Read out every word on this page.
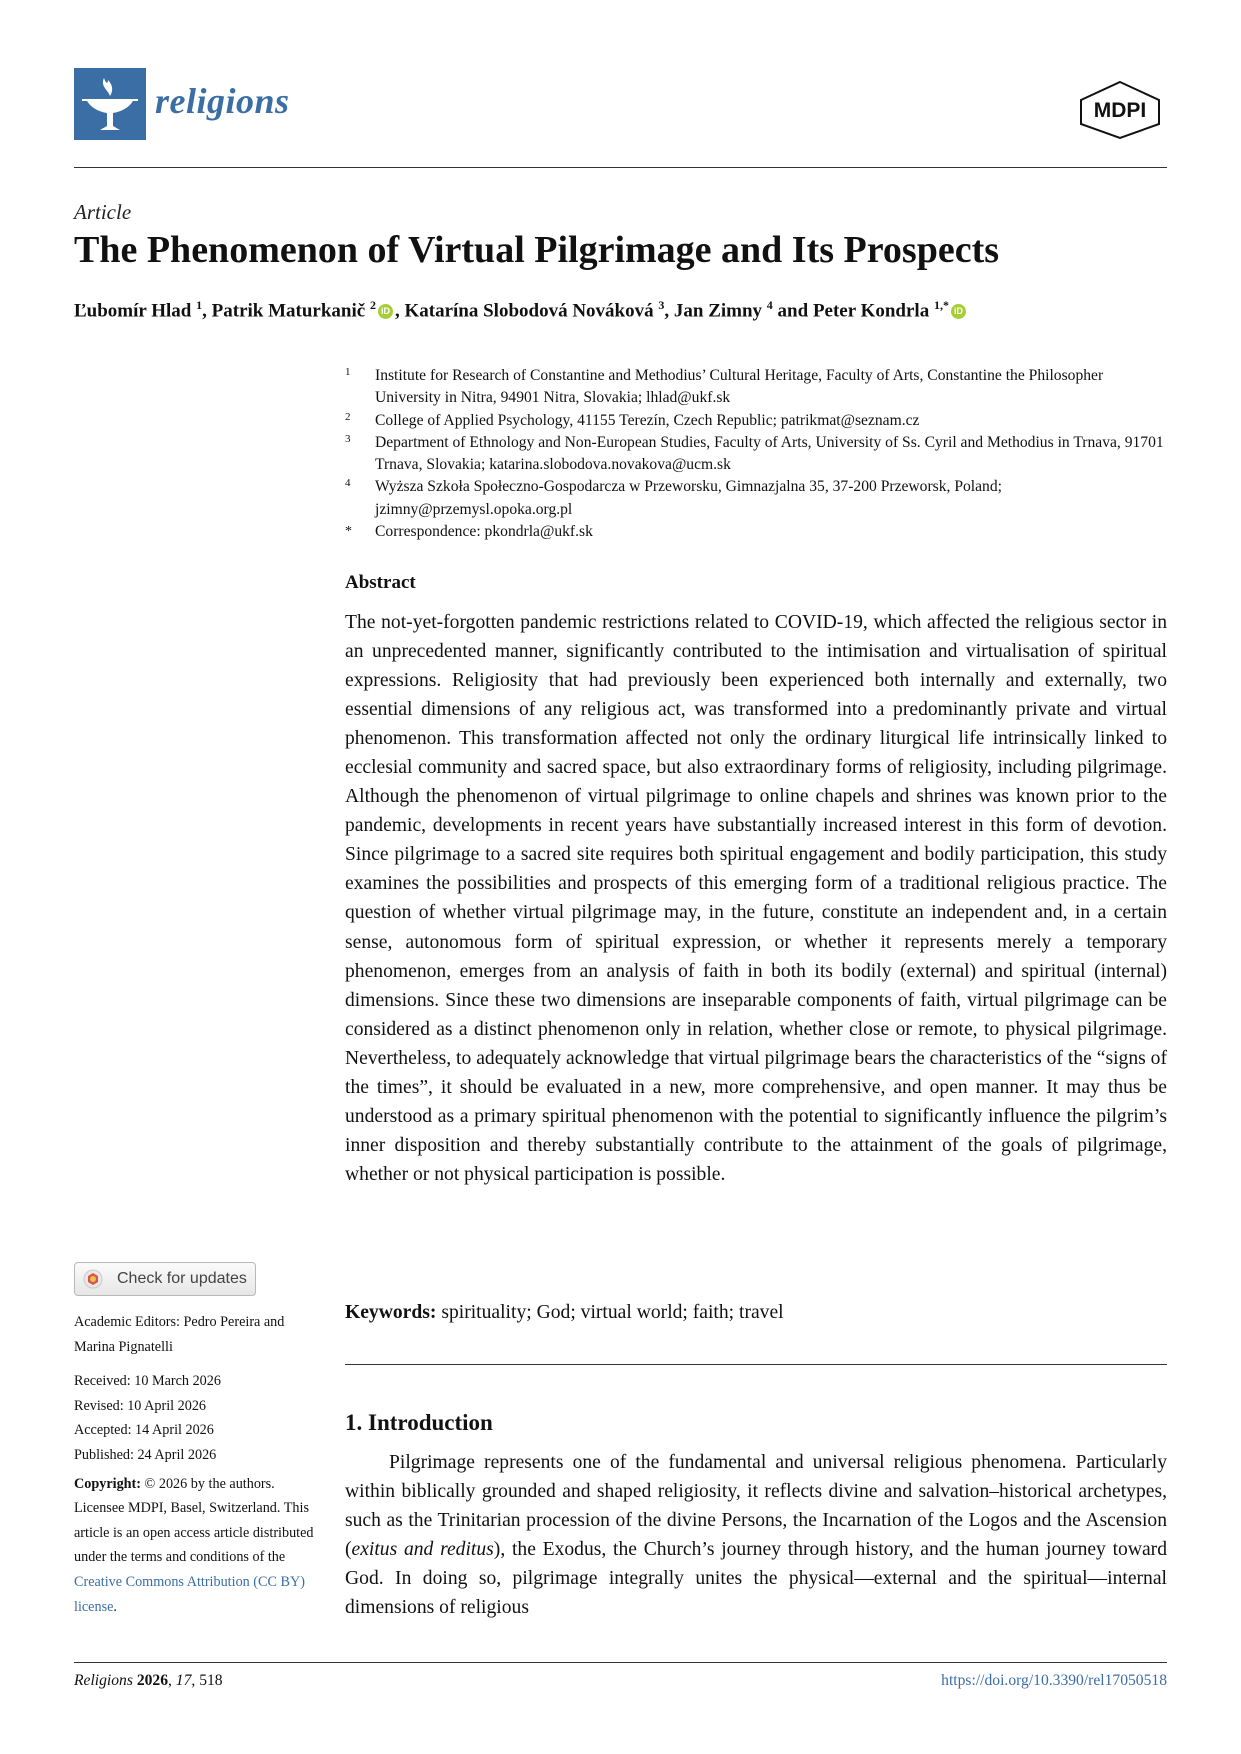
religions	MDPI
Article
The Phenomenon of Virtual Pilgrimage and Its Prospects
Ľubomír Hlad $^1$, Patrik Maturkanič $^2$ iD , Katarína Slobodová Nováková $^3$, Jan Zimny $^4$ and Peter Kondrla $^{1,*}$ iD
1 Institute for Research of Constantine and Methodius’ Cultural Heritage, Faculty of Arts, Constantine the Philosopher University in Nitra, 94901 Nitra, Slovakia; lhlad@ukf.sk
2 College of Applied Psychology, 41155 Terezín, Czech Republic; patrikmat@seznam.cz
3 Department of Ethnology and Non-European Studies, Faculty of Arts, University of Ss. Cyril and Methodius in Trnava, 91701 Trnava, Slovakia; katarina.slobodova.novakova@ucm.sk
4 Wyższa Szkoła Społeczno-Gospodarcza w Przeworsku, Gimnazjalna 35, 37-200 Przeworsk, Poland; jzimny@przemysl.opoka.org.pl
* Correspondence: pkondrla@ukf.sk
Abstract
The not-yet-forgotten pandemic restrictions related to COVID-19, which affected the religious sector in an unprecedented manner, significantly contributed to the intimisation and virtualisation of spiritual expressions. Religiosity that had previously been experienced both internally and externally, two essential dimensions of any religious act, was transformed into a predominantly private and virtual phenomenon. This transformation affected not only the ordinary liturgical life intrinsically linked to ecclesial community and sacred space, but also extraordinary forms of religiosity, including pilgrimage. Although the phenomenon of virtual pilgrimage to online chapels and shrines was known prior to the pandemic, developments in recent years have substantially increased interest in this form of devotion. Since pilgrimage to a sacred site requires both spiritual engagement and bodily participation, this study examines the possibilities and prospects of this emerging form of a traditional religious practice. The question of whether virtual pilgrimage may, in the future, constitute an independent and, in a certain sense, autonomous form of spiritual expression, or whether it represents merely a temporary phenomenon, emerges from an analysis of faith in both its bodily (external) and spiritual (internal) dimensions. Since these two dimensions are inseparable components of faith, virtual pilgrimage can be considered as a distinct phenomenon only in relation, whether close or remote, to physical pilgrimage. Nevertheless, to adequately acknowledge that virtual pilgrimage bears the characteristics of the “signs of the times”, it should be evaluated in a new, more comprehensive, and open manner. It may thus be understood as a primary spiritual phenomenon with the potential to significantly influence the pilgrim’s inner disposition and thereby substantially contribute to the attainment of the goals of pilgrimage, whether or not physical participation is possible.
Keywords: spirituality; God; virtual world; faith; travel
1. Introduction
Pilgrimage represents one of the fundamental and universal religious phenomena. Particularly within biblically grounded and shaped religiosity, it reflects divine and salvation–historical archetypes, such as the Trinitarian procession of the divine Persons, the Incarnation of the Logos and the Ascension (exitus and reditus), the Exodus, the Church’s journey through history, and the human journey toward God. In doing so, pilgrimage integrally unites the physical—external and the spiritual—internal dimensions of religious
Check for updates
Academic Editors: Pedro Pereira and Marina Pignatelli
Received: 10 March 2026
Revised: 10 April 2026
Accepted: 14 April 2026
Published: 24 April 2026
Copyright: © 2026 by the authors. Licensee MDPI, Basel, Switzerland. This article is an open access article distributed under the terms and conditions of the Creative Commons Attribution (CC BY) license.
Religions 2026, 17, 518	https://doi.org/10.3390/rel17050518
